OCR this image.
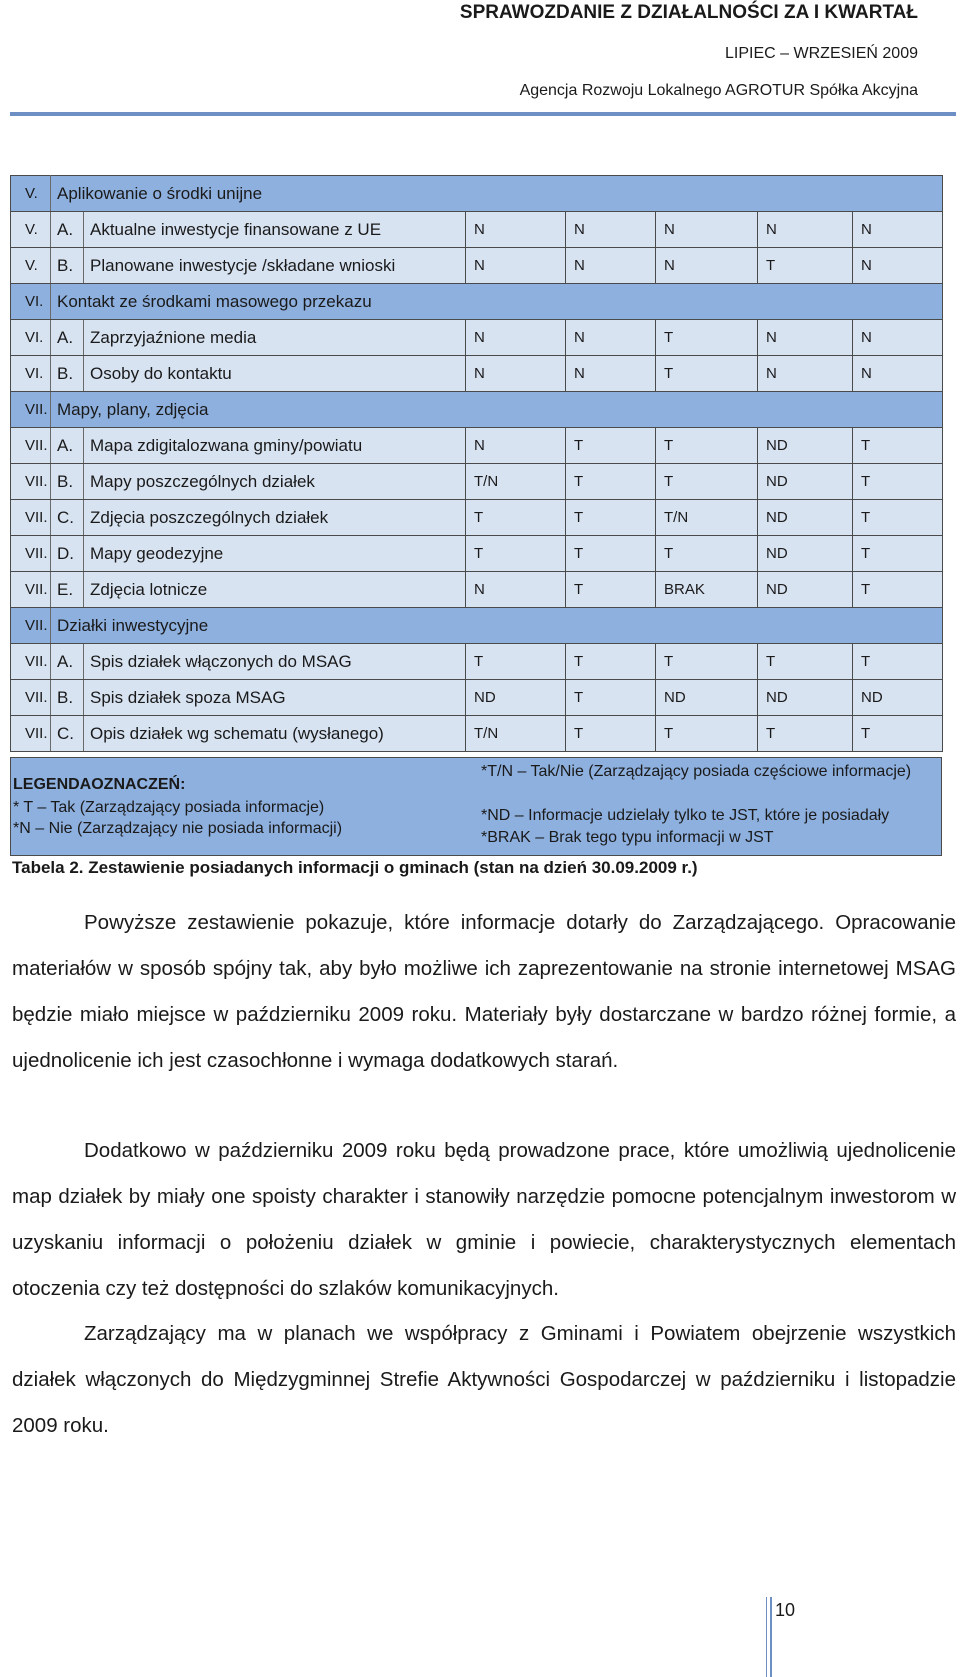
SPRAWOZDANIE Z DZIAŁALNOŚCI ZA I KWARTAŁ
LIPIEC – WRZESIEŃ 2009
Agencja Rozwoju Lokalnego AGROTUR Spółka Akcyjna
V.	Aplikowanie o środki unijne						
V.	A.	Aktualne inwestycje finansowane z UE	N	N	N	N	N
V.	B.	Planowane inwestycje /składane wnioski	N	N	N	T	N
VI.	Kontakt ze środkami masowego przekazu						
VI.	A.	Zaprzyjaźnione media	N	N	T	N	N
VI.	B.	Osoby do kontaktu	N	N	T	N	N
VII.	Mapy, plany, zdjęcia						
VII.	A.	Mapa zdigitalozwana gminy/powiatu	N	T	T	ND	T
VII.	B.	Mapy poszczególnych działek	T/N	T	T	ND	T
VII.	C.	Zdjęcia poszczególnych działek	T	T	T/N	ND	T
VII.	D.	Mapy geodezyjne	T	T	T	ND	T
VII.	E.	Zdjęcia lotnicze	N	T	BRAK	ND	T
VII.	Działki inwestycyjne						
VII.	A.	Spis działek włączonych do MSAG	T	T	T	T	T
VII.	B.	Spis działek spoza MSAG	ND	T	ND	ND	ND
VII.	C.	Opis działek wg schematu (wysłanego)	T/N	T	T	T	T
LEGENDAOZNACZEŃ:
* T – Tak (Zarządzający posiada informacje)
*N – Nie (Zarządzający nie posiada informacji)
*T/N – Tak/Nie (Zarządzający posiada częściowe informacje)
*ND – Informacje udzielały tylko te JST, które je posiadały
*BRAK – Brak tego typu informacji w JST
Tabela 2. Zestawienie posiadanych informacji o gminach (stan na dzień 30.09.2009 r.)

Powyższe zestawienie pokazuje, które informacje dotarły do Zarządzającego. Opracowanie materiałów w sposób spójny tak, aby było możliwe ich zaprezentowanie na stronie internetowej MSAG będzie miało miejsce w październiku 2009 roku. Materiały były dostarczane w bardzo różnej formie, a ujednolicenie ich jest czasochłonne i wymaga dodatkowych starań.

Dodatkowo w październiku 2009 roku będą prowadzone prace, które umożliwią ujednolicenie map działek by miały one spoisty charakter i stanowiły narzędzie pomocne potencjalnym inwestorom w uzyskaniu informacji o położeniu działek w gminie i powiecie, charakterystycznych elementach otoczenia czy też dostępności do szlaków komunikacyjnych.

Zarządzający ma w planach we współpracy z Gminami i Powiatem obejrzenie wszystkich działek włączonych do Międzygminnej Strefie Aktywności Gospodarczej w październiku i listopadzie 2009 roku.

10
